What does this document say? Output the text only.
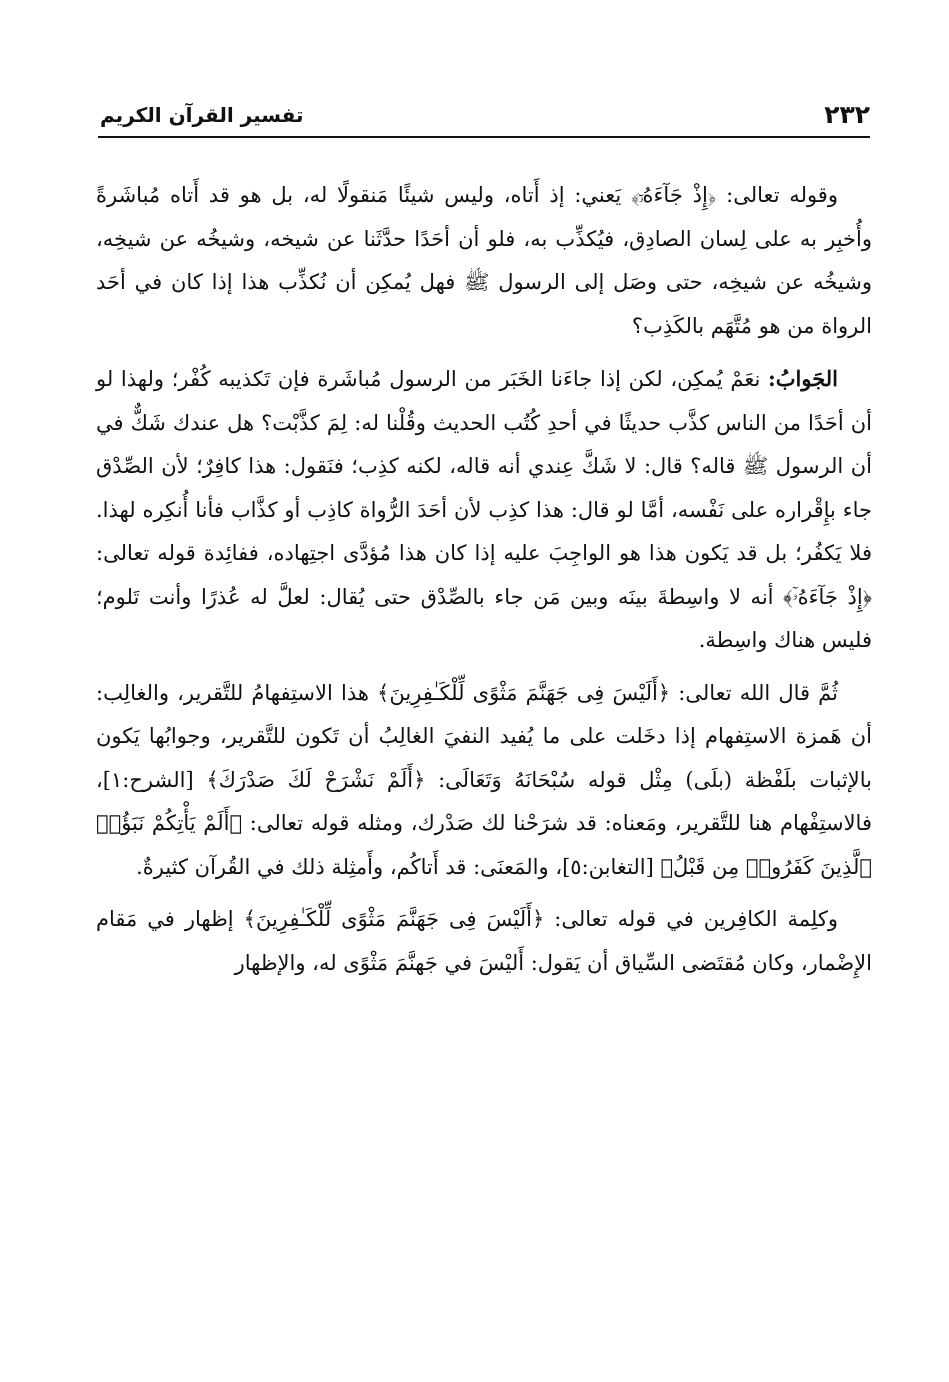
٢٣٢
تفسير القرآن الكريم

وقوله تعالى: ﴿إِذْ جَآءَهُۥٓ﴾ يَعني: إذ أَتاه، وليس شيئًا مَنقولًا له، بل هو قد أَتاه مُباشَرةً وأُخبِر به على لِسان الصادِق، فيُكذِّب به، فلو أن أحَدًا حدَّثَنا عن شيخه، وشيخُه عن شيخِه، وشيخُه عن شيخِه، حتى وصَل إلى الرسول ﷺ فهل يُمكِن أن نُكذِّب هذا إذا كان في أحَد الرواة من هو مُتَّهَم بالكَذِب؟

الجَوابُ: نعَمْ يُمكِن، لكن إذا جاءَنا الخَبَر من الرسول مُباشَرة فإن تَكذيبه كُفْر؛ ولهذا لو أن أحَدًا من الناس كذَّب حديثًا في أحدِ كُتُب الحديث وقُلْنا له: لِمَ كذَّبْت؟ هل عندك شَكٌّ في أن الرسول ﷺ قاله؟ قال: لا شَكَّ عِندي أنه قاله، لكنه كذِب؛ فنَقول: هذا كافِرٌ؛ لأن الصِّدْق جاء بإِقْراره على نَفْسه، أمَّا لو قال: هذا كذِب لأن أحَدَ الرُّواة كاذِب أو كذَّاب فأنا أُنكِره لهذا. فلا يَكفُر؛ بل قد يَكون هذا هو الواجِبَ عليه إذا كان هذا مُؤدَّى اجتِهاده، ففائِدة قوله تعالى: ﴿إِذْ جَآءَهُۥٓ﴾ أنه لا واسِطةَ بينَه وبين مَن جاء بالصِّدْق حتى يُقال: لعلَّ له عُذرًا وأنت تَلوم؛ فليس هناك واسِطة.

ثُمَّ قال الله تعالى: ﴿أَلَيْسَ فِى جَهَنَّمَ مَثْوًى لِّلْكَـٰفِرِينَ﴾ هذا الاستِفهامُ للتَّقرير، والغالِب: أن هَمزة الاستِفهام إذا دخَلت على ما يُفيد النفيَ الغالِبُ أن تَكون للتَّقرير، وجوابُها يَكون بالإثبات بلَفْظة (بلَى) مِثْل قوله سُبْحَانَهُ وَتَعَالَى: ﴿أَلَمْ نَشْرَحْ لَكَ صَدْرَكَ﴾ [الشرح:١]، فالاستِفْهام هنا للتَّقرير، ومَعناه: قد شرَحْنا لك صَدْرك، ومثله قوله تعالى: ﴿أَلَمْ يَأْتِكُمْ نَبَؤُا۟ ٱلَّذِينَ كَفَرُوا۟ مِن قَبْلُ﴾ [التغابن:٥]، والمَعنَى: قد أَتاكُم، وأَمثِلة ذلك في القُرآن كثيرةٌ.

وكلِمة الكافِرين في قوله تعالى: ﴿أَلَيْسَ فِى جَهَنَّمَ مَثْوًى لِّلْكَـٰفِرِينَ﴾ إظهار في مَقام الإِضْمار، وكان مُقتَضى السِّياق أن يَقول: أَليْسَ في جَهنَّمَ مَثْوًى له، والإظهار
